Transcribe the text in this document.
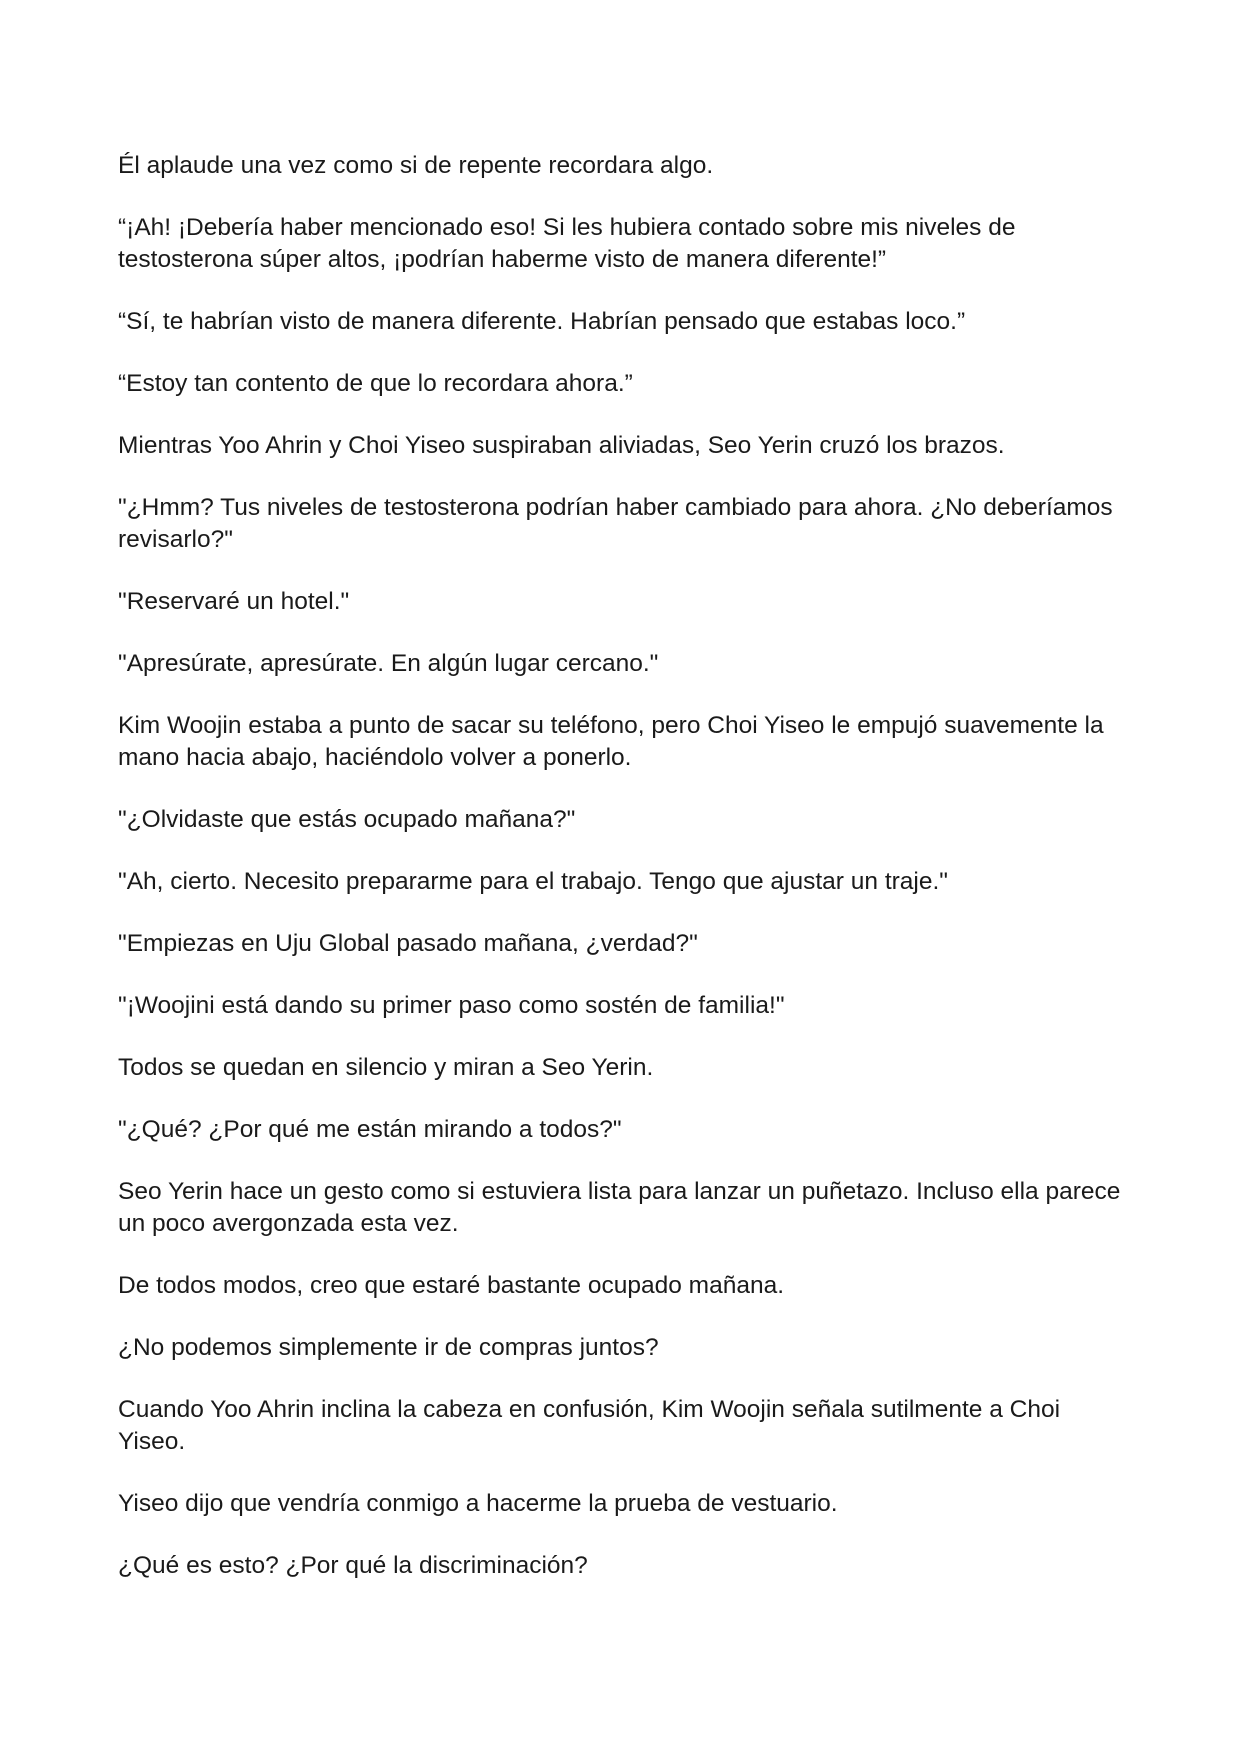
Él aplaude una vez como si de repente recordara algo.

“¡Ah! ¡Debería haber mencionado eso! Si les hubiera contado sobre mis niveles de testosterona súper altos, ¡podrían haberme visto de manera diferente!”

“Sí, te habrían visto de manera diferente. Habrían pensado que estabas loco.”

“Estoy tan contento de que lo recordara ahora.”

Mientras Yoo Ahrin y Choi Yiseo suspiraban aliviadas, Seo Yerin cruzó los brazos.

"¿Hmm? Tus niveles de testosterona podrían haber cambiado para ahora. ¿No deberíamos revisarlo?"

"Reservaré un hotel."

"Apresúrate, apresúrate. En algún lugar cercano."

Kim Woojin estaba a punto de sacar su teléfono, pero Choi Yiseo le empujó suavemente la mano hacia abajo, haciéndolo volver a ponerlo.

"¿Olvidaste que estás ocupado mañana?"

"Ah, cierto. Necesito prepararme para el trabajo. Tengo que ajustar un traje."

"Empiezas en Uju Global pasado mañana, ¿verdad?"

"¡Woojini está dando su primer paso como sostén de familia!"

Todos se quedan en silencio y miran a Seo Yerin.

"¿Qué? ¿Por qué me están mirando a todos?"

Seo Yerin hace un gesto como si estuviera lista para lanzar un puñetazo. Incluso ella parece un poco avergonzada esta vez.

De todos modos, creo que estaré bastante ocupado mañana.

¿No podemos simplemente ir de compras juntos?

Cuando Yoo Ahrin inclina la cabeza en confusión, Kim Woojin señala sutilmente a Choi Yiseo.

Yiseo dijo que vendría conmigo a hacerme la prueba de vestuario.

¿Qué es esto? ¿Por qué la discriminación?
